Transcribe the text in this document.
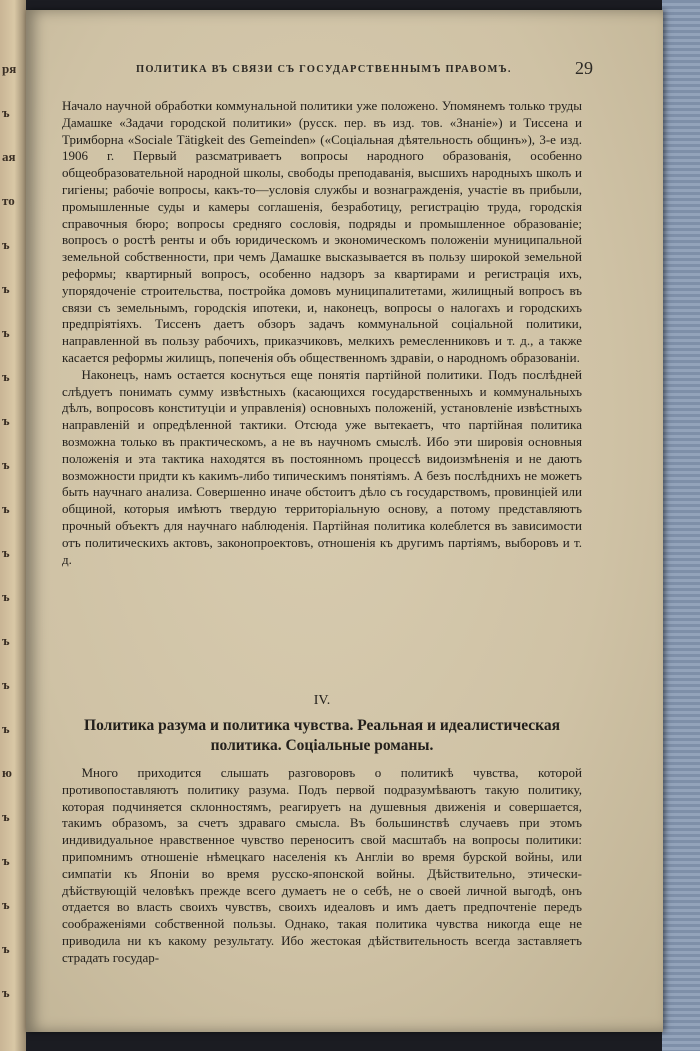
ря
ъ
ая
то
ъ
ъ
ъ
ъ
ъ
ъ
ъ
ъ
ъ
ъ
ъ
ъ
ю
ъ
ъ
ъ
ъ
ъ
ПОЛИТИКА ВЪ СВЯЗИ СЪ ГОСУДАРСТВЕННЫМЪ ПРАВОМЪ.	29

Начало научной обработки коммунальной политики уже положено. Упомянемъ только труды Дамашке «Задачи городской политики» (русск. пер. въ изд. тов. «Знаніе») и Тиссена и Тримборна «Sociale Tätigkeit des Gemeinden» («Соціальная дѣятельность общинъ»), 3-е изд. 1906 г. Первый разсматриваетъ вопросы народного образованія, особенно общеобразовательной народной школы, свободы преподаванія, высшихъ народныхъ школъ и гигіены; рабочіе вопросы, какъ-то—условія службы и вознагражденія, участіе въ прибыли, промышленные суды и камеры соглашенія, безработицу, регистрацію труда, городскія справочныя бюро; вопросы средняго сословія, подряды и промышленное образованіе; вопросъ о ростѣ ренты и объ юридическомъ и экономическомъ положеніи муниципальной земельной собственности, при чемъ Дамашке высказывается въ пользу широкой земельной реформы; квартирный вопросъ, особенно надзоръ за квартирами и регистрація ихъ, упорядоченіе строительства, постройка домовъ муниципалитетами, жилищный вопросъ въ связи съ земельнымъ, городскія ипотеки, и, наконецъ, вопросы о налогахъ и городскихъ предпріятіяхъ. Тиссенъ даетъ обзоръ задачъ коммунальной соціальной политики, направленной въ пользу рабочихъ, приказчиковъ, мелкихъ ремесленниковъ и т. д., а также касается реформы жилищъ, попеченія объ общественномъ здравіи, о народномъ образованіи.

Наконецъ, намъ остается коснуться еще понятія партійной политики. Подъ послѣдней слѣдуетъ понимать сумму извѣстныхъ (касающихся государственныхъ и коммунальныхъ дѣлъ, вопросовъ конституціи и управленія) основныхъ положеній, установленіе извѣстныхъ направленій и опредѣленной тактики. Отсюда уже вытекаетъ, что партійная политика возможна только въ практическомъ, а не въ научномъ смыслѣ. Ибо эти шировія основныя положенія и эта тактика находятся въ постоянномъ процессѣ видоизмѣненія и не даютъ возможности придти къ какимъ-либо типическимъ понятіямъ. А безъ послѣднихъ не можетъ быть научнаго анализа. Совершенно иначе обстоитъ дѣло съ государствомъ, провинціей или общиной, которыя имѣютъ твердую территоріальную основу, а потому представляютъ прочный объектъ для научнаго наблюденія. Партійная политика колеблется въ зависимости отъ политическихъ актовъ, законопроектовъ, отношенія къ другимъ партіямъ, выборовъ и т. д.

IV.
Политика разума и политика чувства. Реальная и идеалистическая политика. Соціальные романы.

Много приходится слышать разговоровъ о политикѣ чувства, которой противопоставляютъ политику разума. Подъ первой подразумѣваютъ такую политику, которая подчиняется склонностямъ, реагируетъ на душевныя движенія и совершается, такимъ образомъ, за счетъ здраваго смысла. Въ большинствѣ случаевъ при этомъ индивидуальное нравственное чувство переноситъ свой масштабъ на вопросы политики: припомнимъ отношеніе нѣмецкаго населенія къ Англіи во время бурской войны, или симпатіи къ Японіи во время русско-японской войны. Дѣйствительно, этически-дѣйствующій человѣкъ прежде всего думаетъ не о себѣ, не о своей личной выгодѣ, онъ отдается во власть своихъ чувствъ, своихъ идеаловъ и имъ даетъ предпочтеніе передъ соображеніями собственной пользы. Однако, такая политика чувства никогда еще не приводила ни къ какому результату. Ибо жестокая дѣйствительность всегда заставляетъ страдать государ-
